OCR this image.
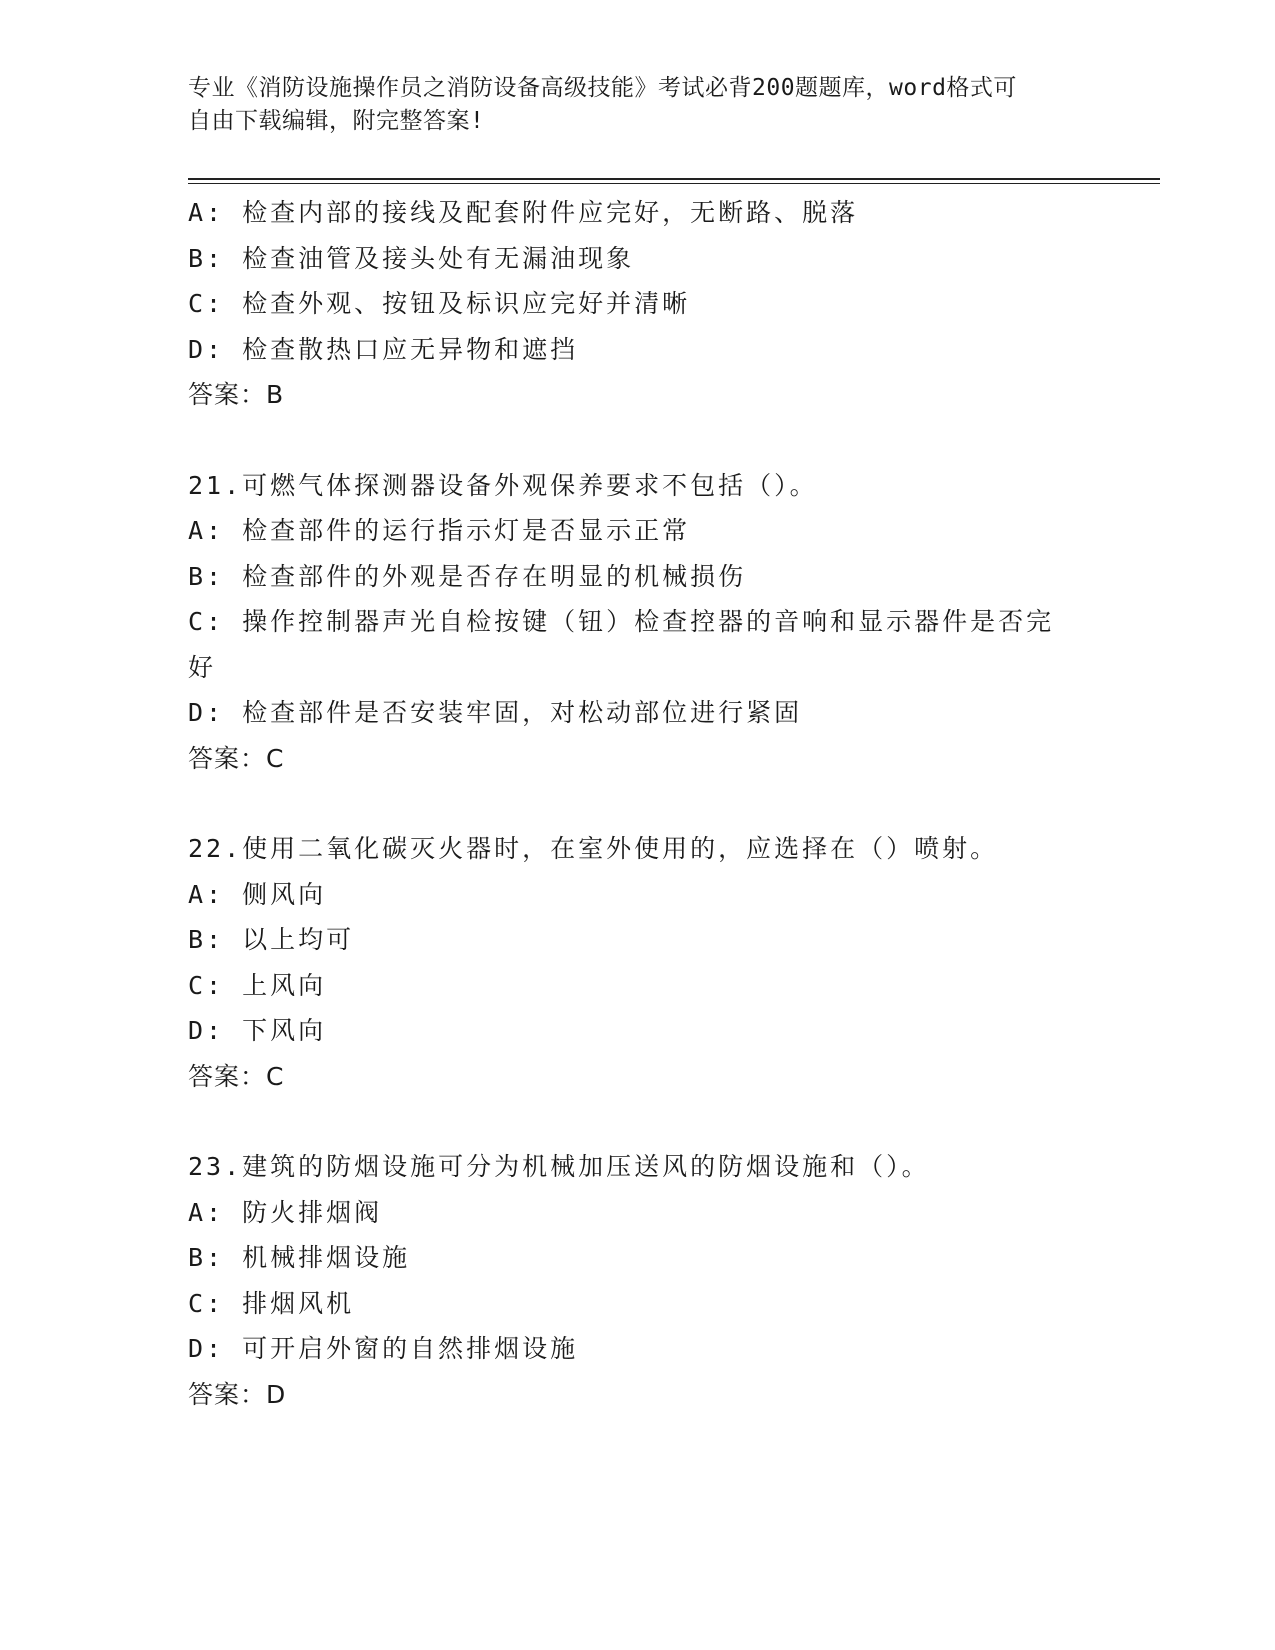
专业《消防设施操作员之消防设备高级技能》考试必背200题题库，word格式可
自由下载编辑，附完整答案!
A: 检查内部的接线及配套附件应完好，无断路、脱落
B: 检查油管及接头处有无漏油现象
C: 检查外观、按钮及标识应完好并清晰
D: 检查散热口应无异物和遮挡
答案：B
21.可燃气体探测器设备外观保养要求不包括（）。
A: 检查部件的运行指示灯是否显示正常
B: 检查部件的外观是否存在明显的机械损伤
C: 操作控制器声光自检按键（钮）检查控器的音响和显示器件是否完
好
D: 检查部件是否安装牢固，对松动部位进行紧固
答案：C
22.使用二氧化碳灭火器时，在室外使用的，应选择在（）喷射。
A: 侧风向
B: 以上均可
C: 上风向
D: 下风向
答案：C
23.建筑的防烟设施可分为机械加压送风的防烟设施和（）。
A: 防火排烟阀
B: 机械排烟设施
C: 排烟风机
D: 可开启外窗的自然排烟设施
答案：D
